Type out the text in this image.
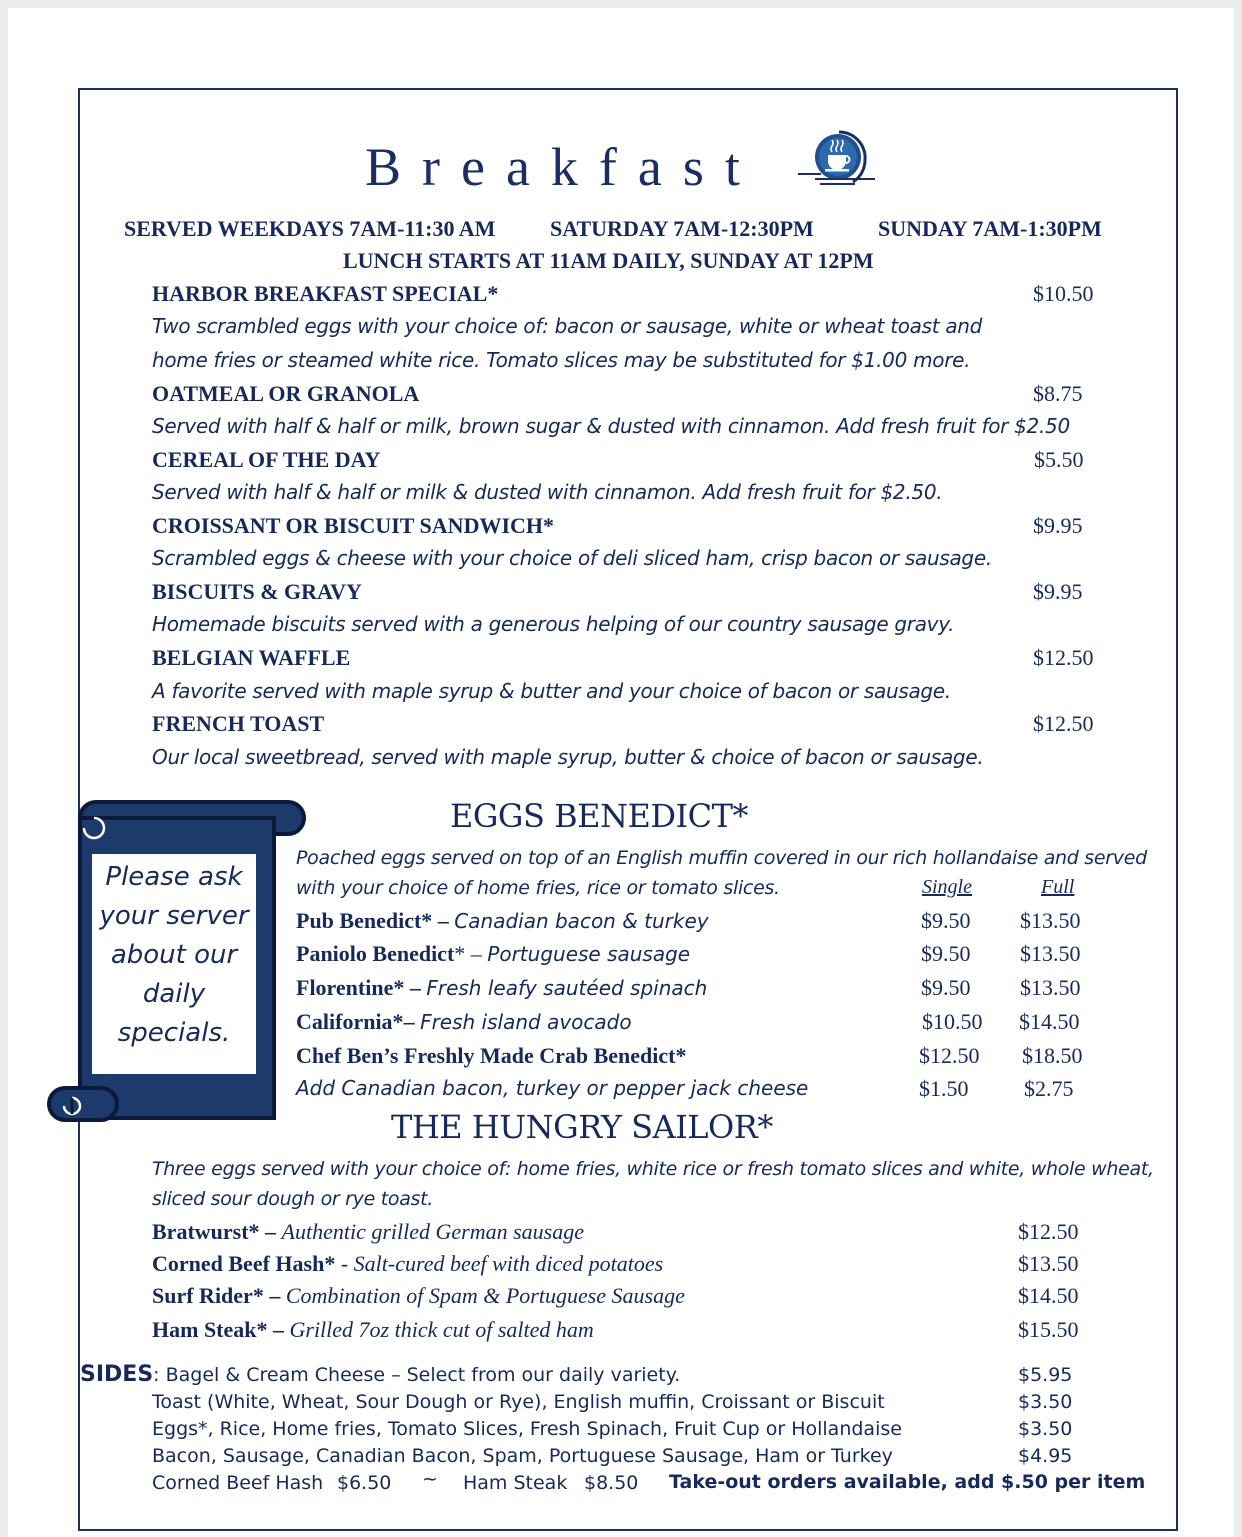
Breakfast
SERVED WEEKDAYS 7AM-11:30 AM SATURDAY 7AM-12:30PM	SUNDAY 7AM-1:30PM
LUNCH STARTS AT 11AM DAILY, SUNDAY AT 12PM
HARBOR BREAKFAST SPECIAL*	$10.50
Two scrambled eggs with your choice of: bacon or sausage, white or wheat toast and
home fries or steamed white rice. Tomato slices may be substituted for $1.00 more.
OATMEAL OR GRANOLA	$8.75
Served with half & half or milk, brown sugar & dusted with cinnamon. Add fresh fruit for $2.50
CEREAL OF THE DAY	$5.50
Served with half & half or milk & dusted with cinnamon. Add fresh fruit for $2.50.
CROISSANT OR BISCUIT SANDWICH*	$9.95
Scrambled eggs & cheese with your choice of deli sliced ham, crisp bacon or sausage.
BISCUITS & GRAVY	$9.95
Homemade biscuits served with a generous helping of our country sausage gravy.
BELGIAN WAFFLE	$12.50
A favorite served with maple syrup & butter and your choice of bacon or sausage.
FRENCH TOAST	$12.50
Our local sweetbread, served with maple syrup, butter & choice of bacon or sausage.
Please ask your server about our daily specials.
EGGS BENEDICT*
Poached eggs served on top of an English muffin covered in our rich hollandaise and served
with your choice of home fries, rice or tomato slices.	Single	Full
Pub Benedict* – Canadian bacon & turkey	$9.50 $13.50
Paniolo Benedict* – Portuguese sausage	$9.50 $13.50
Florentine* – Fresh leafy sautéed spinach	$9.50 $13.50
California*– Fresh island avocado	$10.50 $14.50
Chef Ben’s Freshly Made Crab Benedict*	$12.50 $18.50
Add Canadian bacon, turkey or pepper jack cheese	$1.50	$2.75
THE HUNGRY SAILOR*
Three eggs served with your choice of: home fries, white rice or fresh tomato slices and white, whole wheat,
sliced sour dough or rye toast.
Bratwurst* – Authentic grilled German sausage	$12.50
Corned Beef Hash* - Salt-cured beef with diced potatoes	$13.50
Surf Rider* – Combination of Spam & Portuguese Sausage	$14.50
Ham Steak* – Grilled 7oz thick cut of salted ham	$15.50
SIDES: Bagel & Cream Cheese – Select from our daily variety.	$5.95
Toast (White, Wheat, Sour Dough or Rye), English muffin, Croissant or Biscuit	$3.50
Eggs*, Rice, Home fries, Tomato Slices, Fresh Spinach, Fruit Cup or Hollandaise	$3.50
Bacon, Sausage, Canadian Bacon, Spam, Portuguese Sausage, Ham or Turkey	$4.95
Corned Beef Hash $6.50 ~ Ham Steak $8.50 Take-out orders available, add $.50 per item
